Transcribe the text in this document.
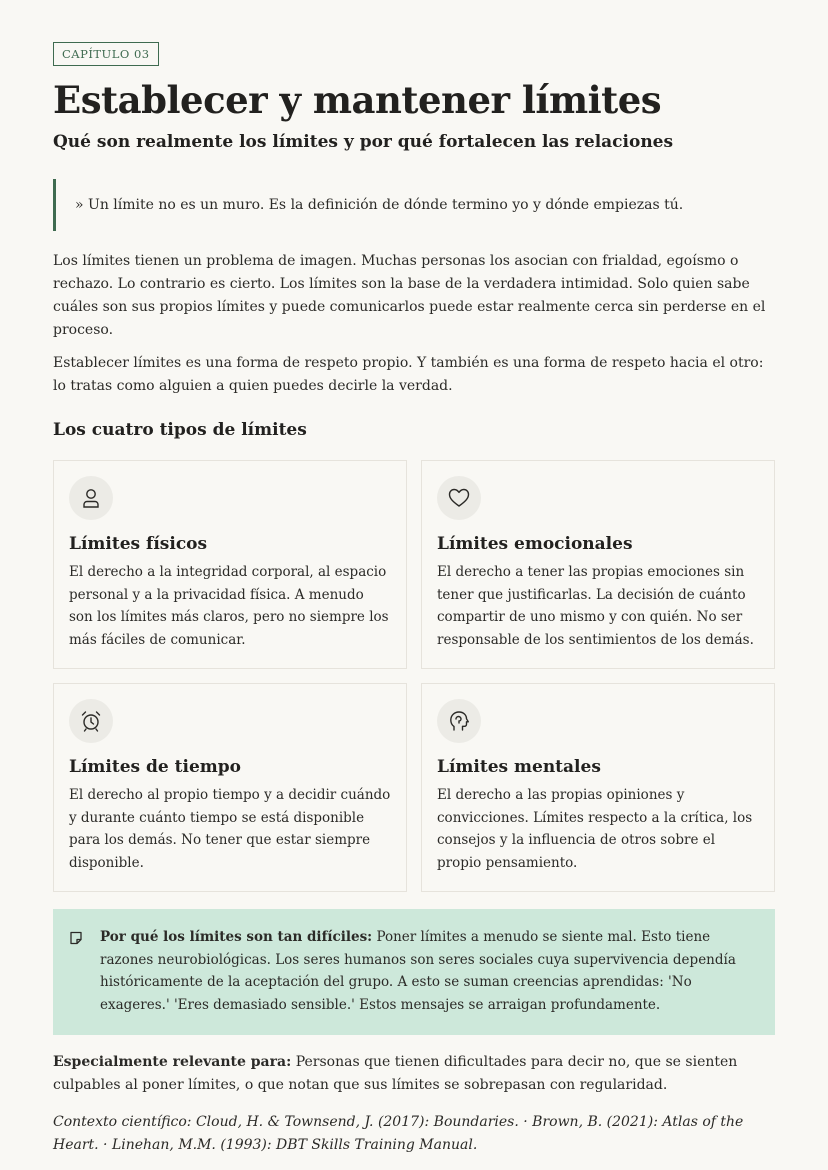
CAPÍTULO 03
Establecer y mantener límites
Qué son realmente los límites y por qué fortalecen las relaciones
» Un límite no es un muro. Es la definición de dónde termino yo y dónde empiezas tú.

Los límites tienen un problema de imagen. Muchas personas los asocian con frialdad, egoísmo o rechazo. Lo contrario es cierto. Los límites son la base de la verdadera intimidad. Solo quien sabe cuáles son sus propios límites y puede comunicarlos puede estar realmente cerca sin perderse en el proceso.

Establecer límites es una forma de respeto propio. Y también es una forma de respeto hacia el otro: lo tratas como alguien a quien puedes decirle la verdad.

Los cuatro tipos de límites
Límites físicos

El derecho a la integridad corporal, al espacio personal y a la privacidad física. A menudo son los límites más claros, pero no siempre los más fáciles de comunicar.

Límites emocionales

El derecho a tener las propias emociones sin tener que justificarlas. La decisión de cuánto compartir de uno mismo y con quién. No ser responsable de los sentimientos de los demás.

Límites de tiempo

El derecho al propio tiempo y a decidir cuándo y durante cuánto tiempo se está disponible para los demás. No tener que estar siempre disponible.

Límites mentales

El derecho a las propias opiniones y convicciones. Límites respecto a la crítica, los consejos y la influencia de otros sobre el propio pensamiento.

Por qué los límites son tan difíciles: Poner límites a menudo se siente mal. Esto tiene razones neurobiológicas. Los seres humanos son seres sociales cuya supervivencia dependía históricamente de la aceptación del grupo. A esto se suman creencias aprendidas: 'No exageres.' 'Eres demasiado sensible.' Estos mensajes se arraigan profundamente.

Especialmente relevante para: Personas que tienen dificultades para decir no, que se sienten culpables al poner límites, o que notan que sus límites se sobrepasan con regularidad.

Contexto científico: Cloud, H. & Townsend, J. (2017): Boundaries. · Brown, B. (2021): Atlas of the Heart. · Linehan, M.M. (1993): DBT Skills Training Manual.
